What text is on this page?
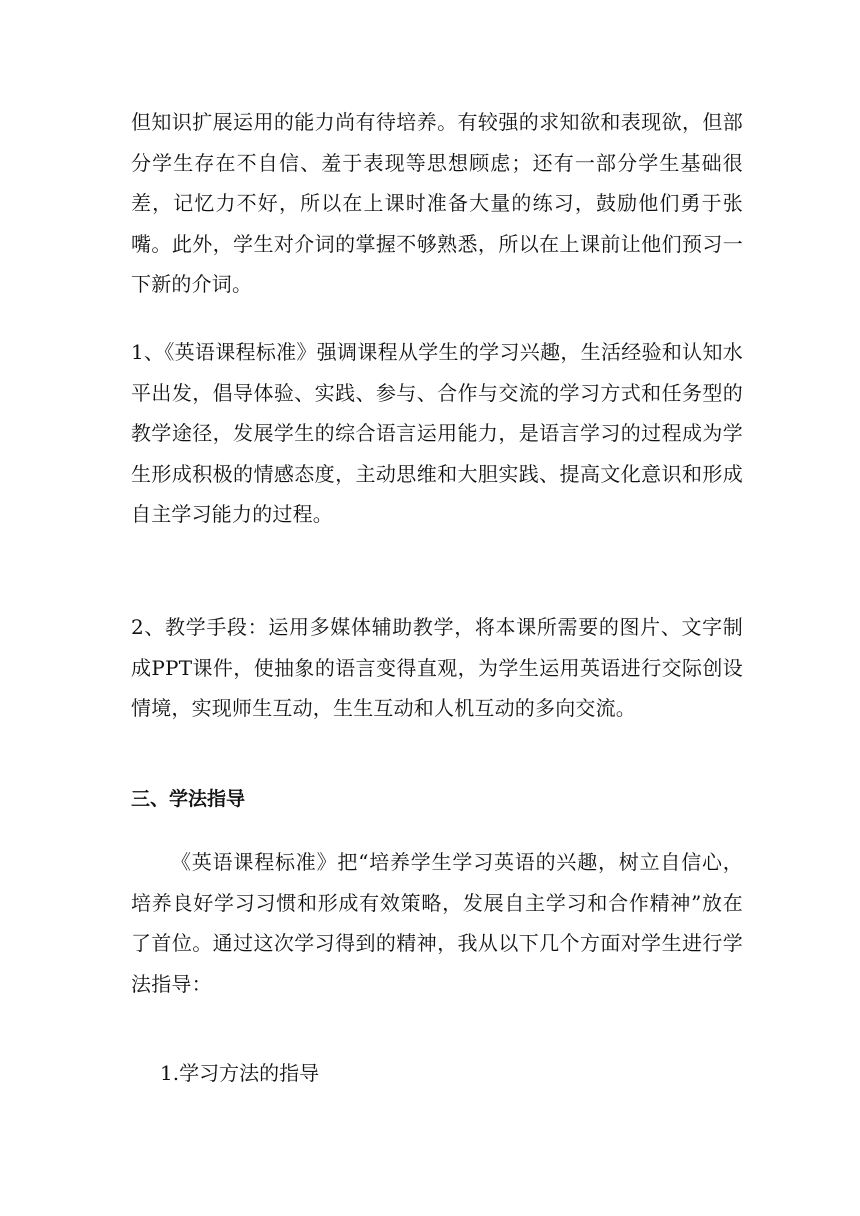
但知识扩展运用的能力尚有待培养。有较强的求知欲和表现欲，但部分学生存在不自信、羞于表现等思想顾虑；还有一部分学生基础很差，记忆力不好，所以在上课时准备大量的练习，鼓励他们勇于张嘴。此外，学生对介词的掌握不够熟悉，所以在上课前让他们预习一下新的介词。

1、《英语课程标准》强调课程从学生的学习兴趣，生活经验和认知水平出发，倡导体验、实践、参与、合作与交流的学习方式和任务型的教学途径，发展学生的综合语言运用能力，是语言学习的过程成为学生形成积极的情感态度，主动思维和大胆实践、提高文化意识和形成自主学习能力的过程。

2、教学手段：运用多媒体辅助教学，将本课所需要的图片、文字制成PPT课件，使抽象的语言变得直观，为学生运用英语进行交际创设情境，实现师生互动，生生互动和人机互动的多向交流。

三、学法指导

《英语课程标准》把“培养学生学习英语的兴趣，树立自信心，培养良好学习习惯和形成有效策略，发展自主学习和合作精神”放在了首位。通过这次学习得到的精神，我从以下几个方面对学生进行学法指导：

1.学习方法的指导
